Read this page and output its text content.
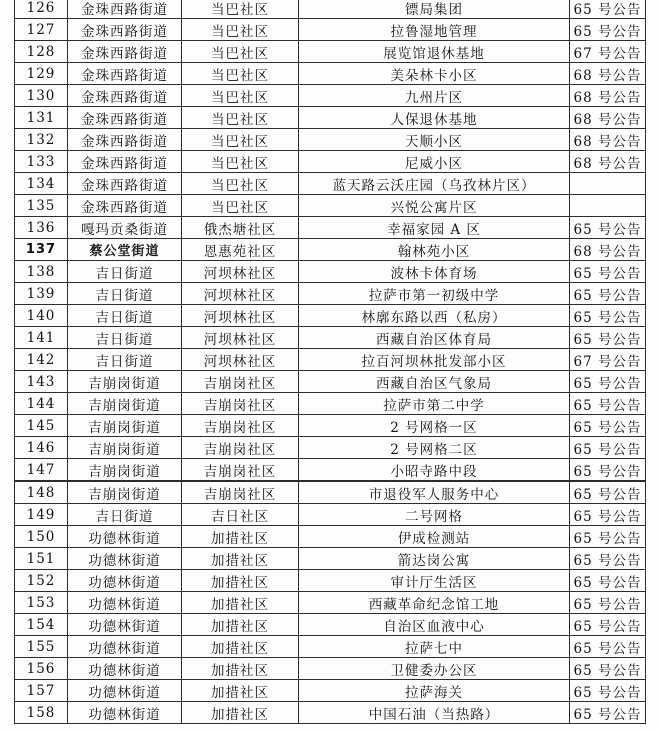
126	金珠西路街道	当巴社区	镖局集团	65 号公告
127	金珠西路街道	当巴社区	拉鲁湿地管理	65 号公告
128	金珠西路街道	当巴社区	展览馆退休基地	67 号公告
129	金珠西路街道	当巴社区	美朵林卡小区	68 号公告
130	金珠西路街道	当巴社区	九州片区	68 号公告
131	金珠西路街道	当巴社区	人保退休基地	68 号公告
132	金珠西路街道	当巴社区	天顺小区	68 号公告
133	金珠西路街道	当巴社区	尼威小区	68 号公告
134	金珠西路街道	当巴社区	蓝天路云沃庄园（乌孜林片区）	
135	金珠西路街道	当巴社区	兴悦公寓片区	
136	嘎玛贡桑街道	俄杰塘社区	幸福家园 A 区	65 号公告
137	蔡公堂街道	恩惠苑社区	翰林苑小区	68 号公告
138	吉日街道	河坝林社区	波林卡体育场	65 号公告
139	吉日街道	河坝林社区	拉萨市第一初级中学	65 号公告
140	吉日街道	河坝林社区	林廓东路以西（私房）	65 号公告
141	吉日街道	河坝林社区	西藏自治区体育局	65 号公告
142	吉日街道	河坝林社区	拉百河坝林批发部小区	67 号公告
143	吉崩岗街道	吉崩岗社区	西藏自治区气象局	65 号公告
144	吉崩岗街道	吉崩岗社区	拉萨市第二中学	65 号公告
145	吉崩岗街道	吉崩岗社区	2 号网格一区	65 号公告
146	吉崩岗街道	吉崩岗社区	2 号网格二区	65 号公告
147	吉崩岗街道	吉崩岗社区	小昭寺路中段	65 号公告
148	吉崩岗街道	吉崩岗社区	市退役军人服务中心	65 号公告
149	吉日街道	吉日社区	二号网格	65 号公告
150	功德林街道	加措社区	伊成检测站	65 号公告
151	功德林街道	加措社区	箭达岗公寓	65 号公告
152	功德林街道	加措社区	审计厅生活区	65 号公告
153	功德林街道	加措社区	西藏革命纪念馆工地	65 号公告
154	功德林街道	加措社区	自治区血液中心	65 号公告
155	功德林街道	加措社区	拉萨七中	65 号公告
156	功德林街道	加措社区	卫健委办公区	65 号公告
157	功德林街道	加措社区	拉萨海关	65 号公告
158	功德林街道	加措社区	中国石油（当热路）	65 号公告
